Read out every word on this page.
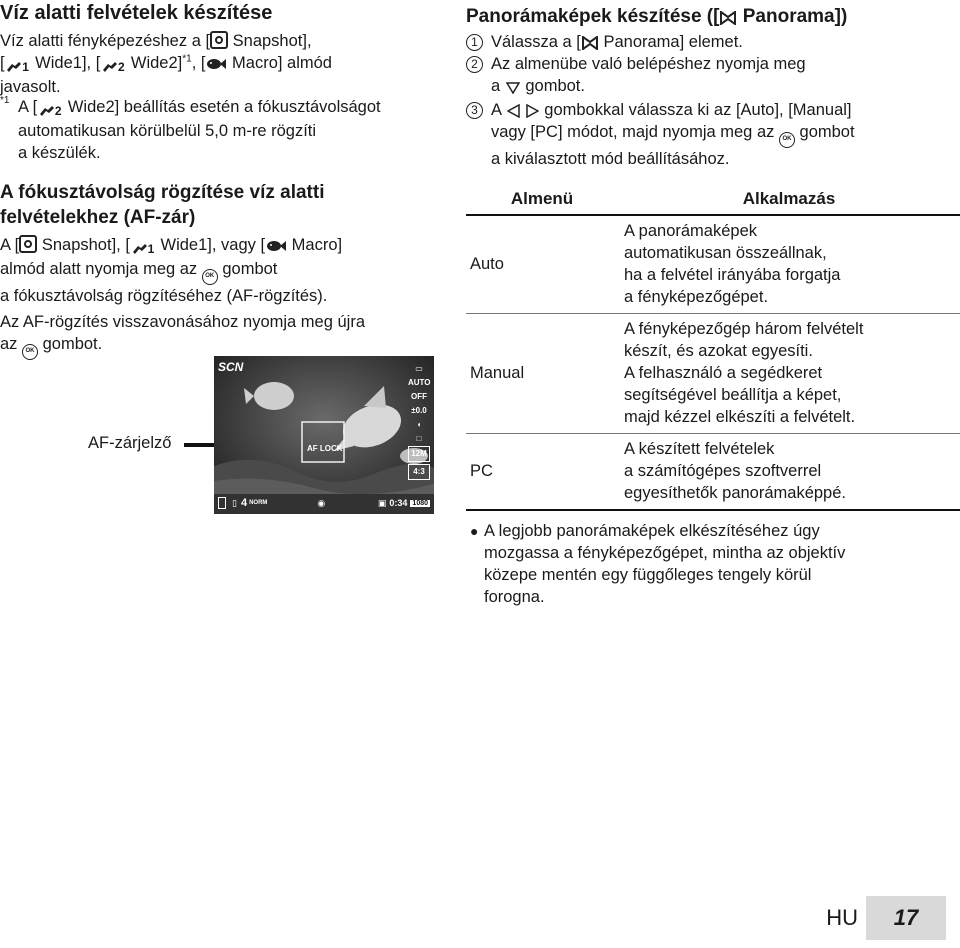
Víz alatti felvételek készítése
Víz alatti fényképezéshez a [ Snapshot],
[ 1 Wide1], [ 2 Wide2]$^{*1}$, [ Macro] almód
javasolt.
*1 A [ 2 Wide2] beállítás esetén a fókusztávolságot
automatikusan körülbelül 5,0 m-re rögzíti
a készülék.
A fókusztávolság rögzítése víz alatti
felvételekhez (AF-zár)
A [ Snapshot], [ 1 Wide1], vagy [ Macro]
almód alatt nyomja meg az OK gombot
a fókusztávolság rögzítéséhez (AF-rögzítés).
Az AF-rögzítés visszavonásához nyomja meg újra
az OK gombot.
AF-zárjelző
SCN
AF LOCK
▭
AUTO
OFF
±0.0
◖
□
12M
4:3
▯ 4 NORM	◉	▣ 0:34 1080
Panorámaképek készítése ([ Panorama])
1 Válassza a [ Panorama] elemet.
2 Az almenübe való belépéshez nyomja meg
a  gombot.
3 A  gombokkal válassza ki az [Auto], [Manual]
vagy [PC] módot, majd nyomja meg az OK gombot
a kiválasztott mód beállításához.
Almenü	Alkalmazás
Auto	A panorámaképek
automatikusan összeállnak,
ha a felvétel irányába forgatja
a fényképezőgépet.

Manual	A fényképezőgép három felvételt
készít, és azokat egyesíti.
A felhasználó a segédkeret
segítségével beállítja a képet,
majd kézzel elkészíti a felvételt.

PC	A készített felvételek
a számítógépes szoftverrel
egyesíthetők panorámaképpé.
● A legjobb panorámaképek elkészítéséhez úgy
mozgassa a fényképezőgépet, mintha az objektív
közepe mentén egy függőleges tengely körül
forogna.
HU	17
